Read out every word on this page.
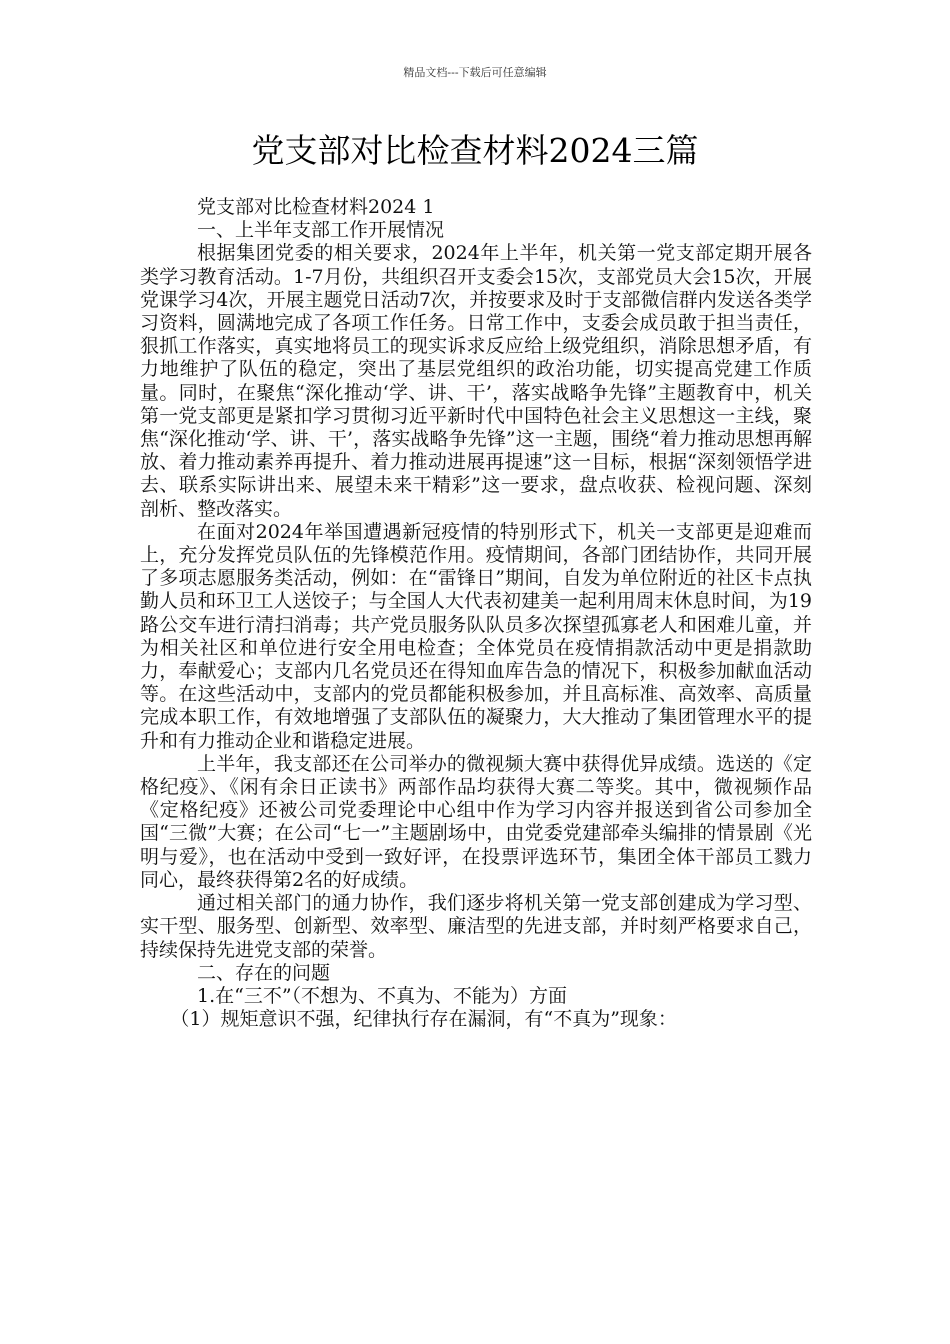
精品文档---下载后可任意编辑
党支部对比检查材料2024三篇

党支部对比检查材料2024 1

一、上半年支部工作开展情况

根据集团党委的相关要求，2024年上半年，机关第一党支部定期开展各类学习教育活动。1-7月份，共组织召开支委会15次，支部党员大会15次，开展党课学习4次，开展主题党日活动7次，并按要求及时于支部微信群内发送各类学习资料，圆满地完成了各项工作任务。日常工作中，支委会成员敢于担当责任，狠抓工作落实，真实地将员工的现实诉求反应给上级党组织，消除思想矛盾，有力地维护了队伍的稳定，突出了基层党组织的政治功能，切实提高党建工作质量。同时，在聚焦“深化推动‘学、讲、干’，落实战略争先锋”主题教育中，机关第一党支部更是紧扣学习贯彻习近平新时代中国特色社会主义思想这一主线，聚焦“深化推动‘学、讲、干’，落实战略争先锋”这一主题，围绕“着力推动思想再解放、着力推动素养再提升、着力推动进展再提速”这一目标，根据“深刻领悟学进去、联系实际讲出来、展望未来干精彩”这一要求，盘点收获、检视问题、深刻剖析、整改落实。

在面对2024年举国遭遇新冠疫情的特别形式下，机关一支部更是迎难而上，充分发挥党员队伍的先锋模范作用。疫情期间，各部门团结协作，共同开展了多项志愿服务类活动，例如：在“雷锋日”期间，自发为单位附近的社区卡点执勤人员和环卫工人送饺子；与全国人大代表初建美一起利用周末休息时间，为19路公交车进行清扫消毒；共产党员服务队队员多次探望孤寡老人和困难儿童，并为相关社区和单位进行安全用电检查；全体党员在疫情捐款活动中更是捐款助力，奉献爱心；支部内几名党员还在得知血库告急的情况下，积极参加献血活动等。在这些活动中，支部内的党员都能积极参加，并且高标准、高效率、高质量完成本职工作，有效地增强了支部队伍的凝聚力，大大推动了集团管理水平的提升和有力推动企业和谐稳定进展。

上半年，我支部还在公司举办的微视频大赛中获得优异成绩。选送的《定格纪疫》、《闲有余日正读书》两部作品均获得大赛二等奖。其中，微视频作品《定格纪疫》还被公司党委理论中心组中作为学习内容并报送到省公司参加全国“三微”大赛；在公司“七一”主题剧场中，由党委党建部牵头编排的情景剧《光明与爱》，也在活动中受到一致好评，在投票评选环节，集团全体干部员工戮力同心，最终获得第2名的好成绩。

通过相关部门的通力协作，我们逐步将机关第一党支部创建成为学习型、实干型、服务型、创新型、效率型、廉洁型的先进支部，并时刻严格要求自己，持续保持先进党支部的荣誉。

二、存在的问题

1.在“三不”（不想为、不真为、不能为）方面

（1）规矩意识不强，纪律执行存在漏洞，有“不真为”现象：
